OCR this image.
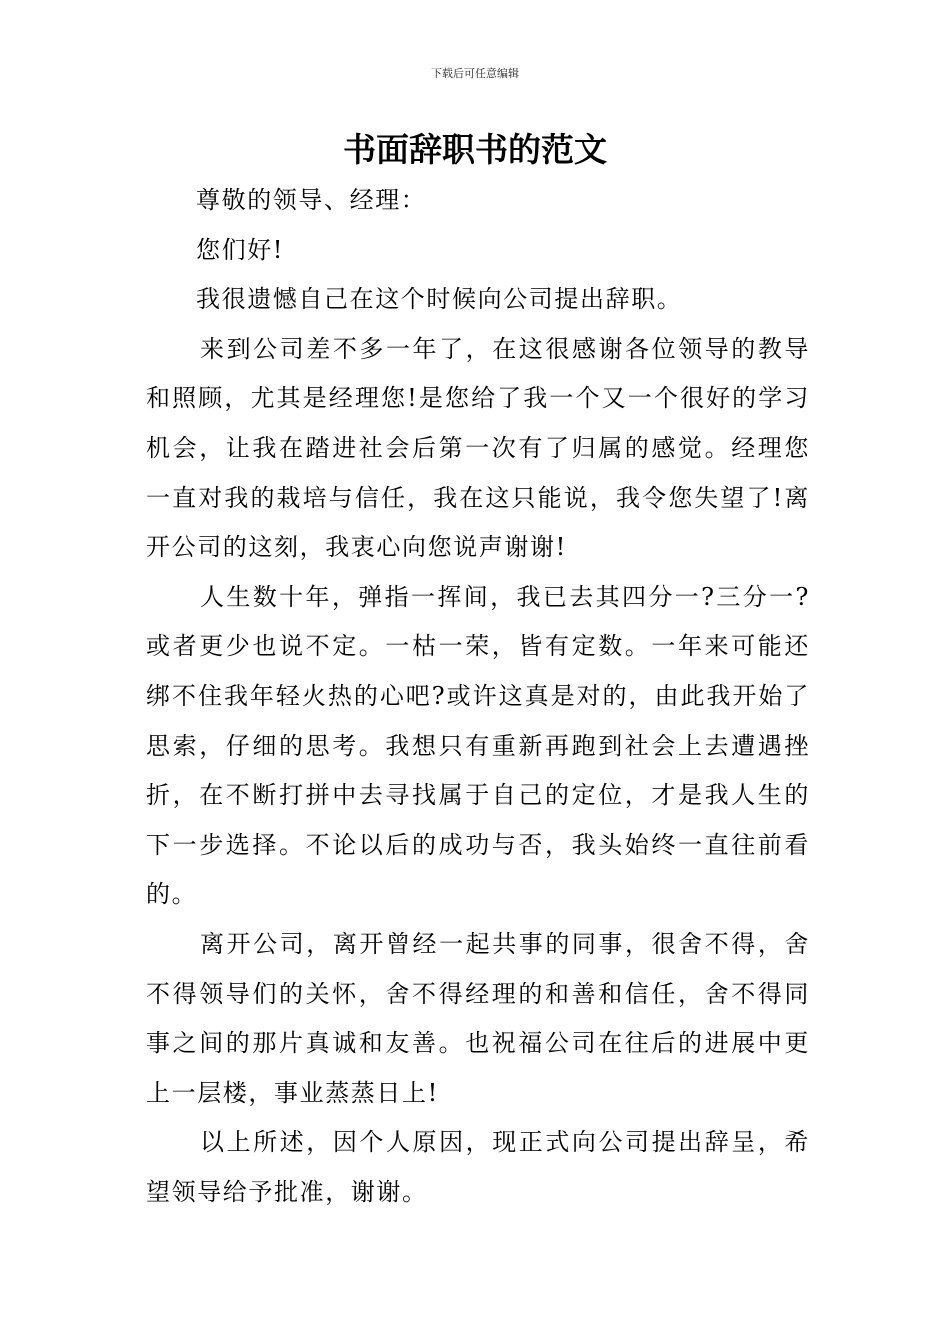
下载后可任意编辑
书面辞职书的范文

尊敬的领导、经理：

您们好!

我很遗憾自己在这个时候向公司提出辞职。

来到公司差不多一年了，在这很感谢各位领导的教导和照顾，尤其是经理您!是您给了我一个又一个很好的学习机会，让我在踏进社会后第一次有了归属的感觉。经理您一直对我的栽培与信任，我在这只能说，我令您失望了!离开公司的这刻，我衷心向您说声谢谢!

人生数十年，弹指一挥间，我已去其四分一?三分一?或者更少也说不定。一枯一荣，皆有定数。一年来可能还绑不住我年轻火热的心吧?或许这真是对的，由此我开始了思索，仔细的思考。我想只有重新再跑到社会上去遭遇挫折，在不断打拼中去寻找属于自己的定位，才是我人生的下一步选择。不论以后的成功与否，我头始终一直往前看的。

离开公司，离开曾经一起共事的同事，很舍不得，舍不得领导们的关怀，舍不得经理的和善和信任，舍不得同事之间的那片真诚和友善。也祝福公司在往后的进展中更上一层楼，事业蒸蒸日上!

以上所述，因个人原因，现正式向公司提出辞呈，希望领导给予批准，谢谢。
